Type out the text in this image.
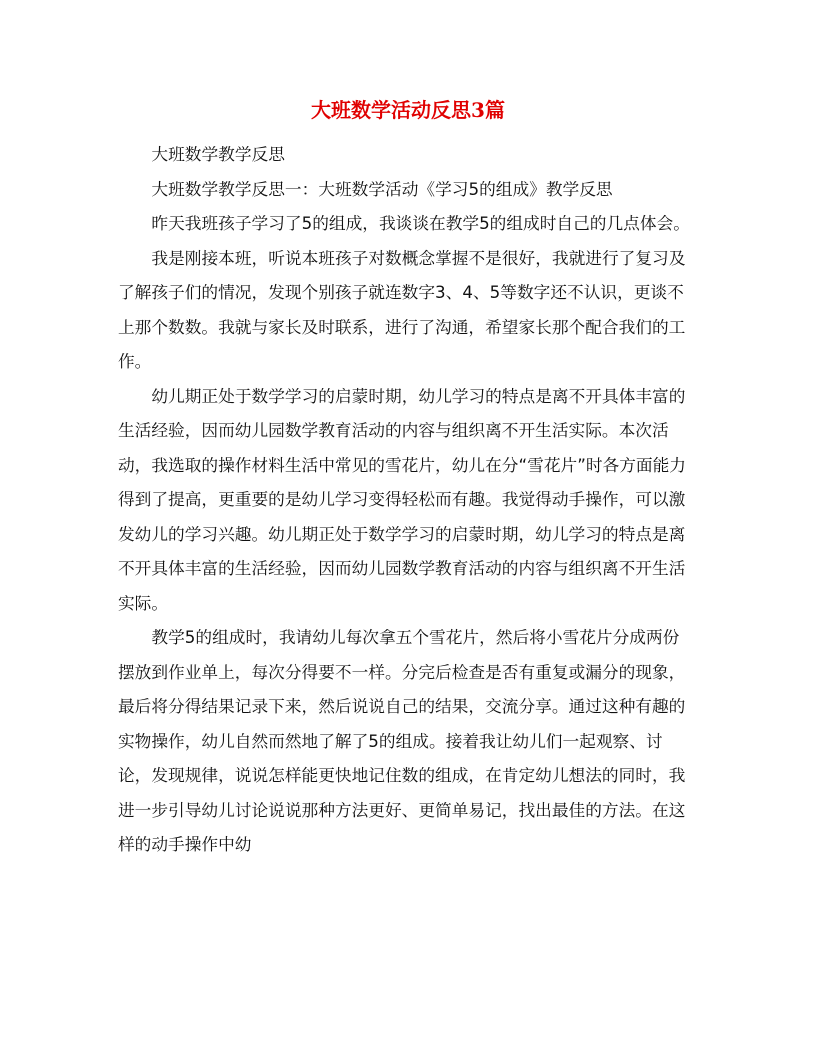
大班数学活动反思3篇

大班数学教学反思

大班数学教学反思一：大班数学活动《学习5的组成》教学反思

昨天我班孩子学习了5的组成，我谈谈在教学5的组成时自己的几点体会。

我是刚接本班，听说本班孩子对数概念掌握不是很好，我就进行了复习及了解孩子们的情况，发现个别孩子就连数字3、4、5等数字还不认识，更谈不上那个数数。我就与家长及时联系，进行了沟通，希望家长那个配合我们的工作。

幼儿期正处于数学学习的启蒙时期，幼儿学习的特点是离不开具体丰富的生活经验，因而幼儿园数学教育活动的内容与组织离不开生活实际。本次活动，我选取的操作材料生活中常见的雪花片，幼儿在分“雪花片”时各方面能力得到了提高，更重要的是幼儿学习变得轻松而有趣。我觉得动手操作，可以激发幼儿的学习兴趣。幼儿期正处于数学学习的启蒙时期，幼儿学习的特点是离不开具体丰富的生活经验，因而幼儿园数学教育活动的内容与组织离不开生活实际。

教学5的组成时，我请幼儿每次拿五个雪花片，然后将小雪花片分成两份摆放到作业单上，每次分得要不一样。分完后检查是否有重复或漏分的现象，最后将分得结果记录下来，然后说说自己的结果，交流分享。通过这种有趣的实物操作，幼儿自然而然地了解了5的组成。接着我让幼儿们一起观察、讨论，发现规律，说说怎样能更快地记住数的组成，在肯定幼儿想法的同时，我进一步引导幼儿讨论说说那种方法更好、更简单易记，找出最佳的方法。在这样的动手操作中幼
